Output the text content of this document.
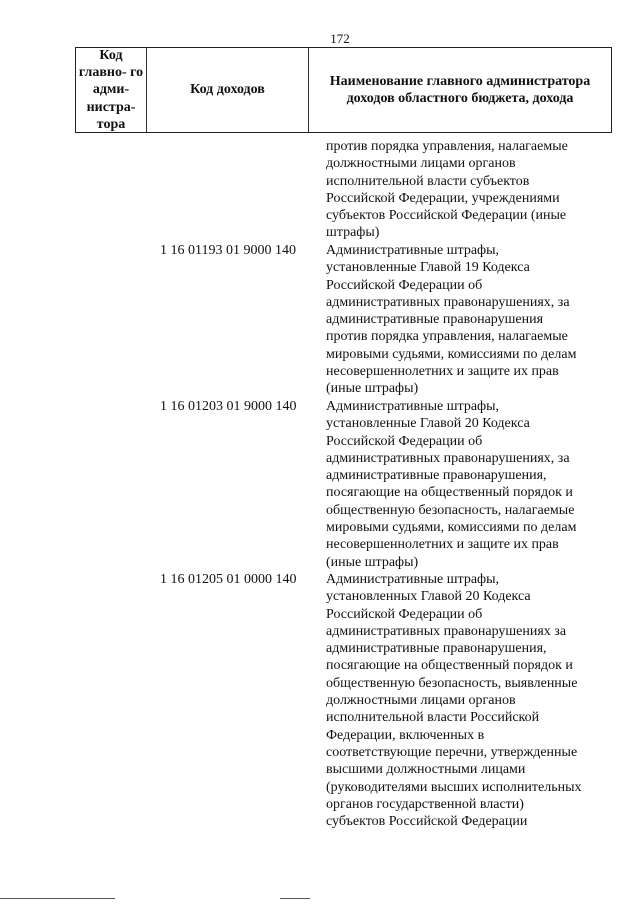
172
Код главно- го адми- нистра- тора
Код доходов
Наименование главного администратора доходов областного бюджета, дохода
против порядка управления, налагаемые
должностными лицами органов
исполнительной власти субъектов
Российской Федерации, учреждениями
субъектов Российской Федерации (иные
штрафы)
1 16 01193 01 9000 140 Административные штрафы,
установленные Главой 19 Кодекса
Российской Федерации об
административных правонарушениях, за
административные правонарушения
против порядка управления, налагаемые
мировыми судьями, комиссиями по делам
несовершеннолетних и защите их прав
(иные штрафы)
1 16 01203 01 9000 140 Административные штрафы,
установленные Главой 20 Кодекса
Российской Федерации об
административных правонарушениях, за
административные правонарушения,
посягающие на общественный порядок и
общественную безопасность, налагаемые
мировыми судьями, комиссиями по делам
несовершеннолетних и защите их прав
(иные штрафы)
1 16 01205 01 0000 140 Административные штрафы,
установленных Главой 20 Кодекса
Российской Федерации об
административных правонарушениях за
административные правонарушения,
посягающие на общественный порядок и
общественную безопасность, выявленные
должностными лицами органов
исполнительной власти Российской
Федерации, включенных в
соответствующие перечни, утвержденные
высшими должностными лицами
(руководителями высших исполнительных
органов государственной власти)
субъектов Российской Федерации
